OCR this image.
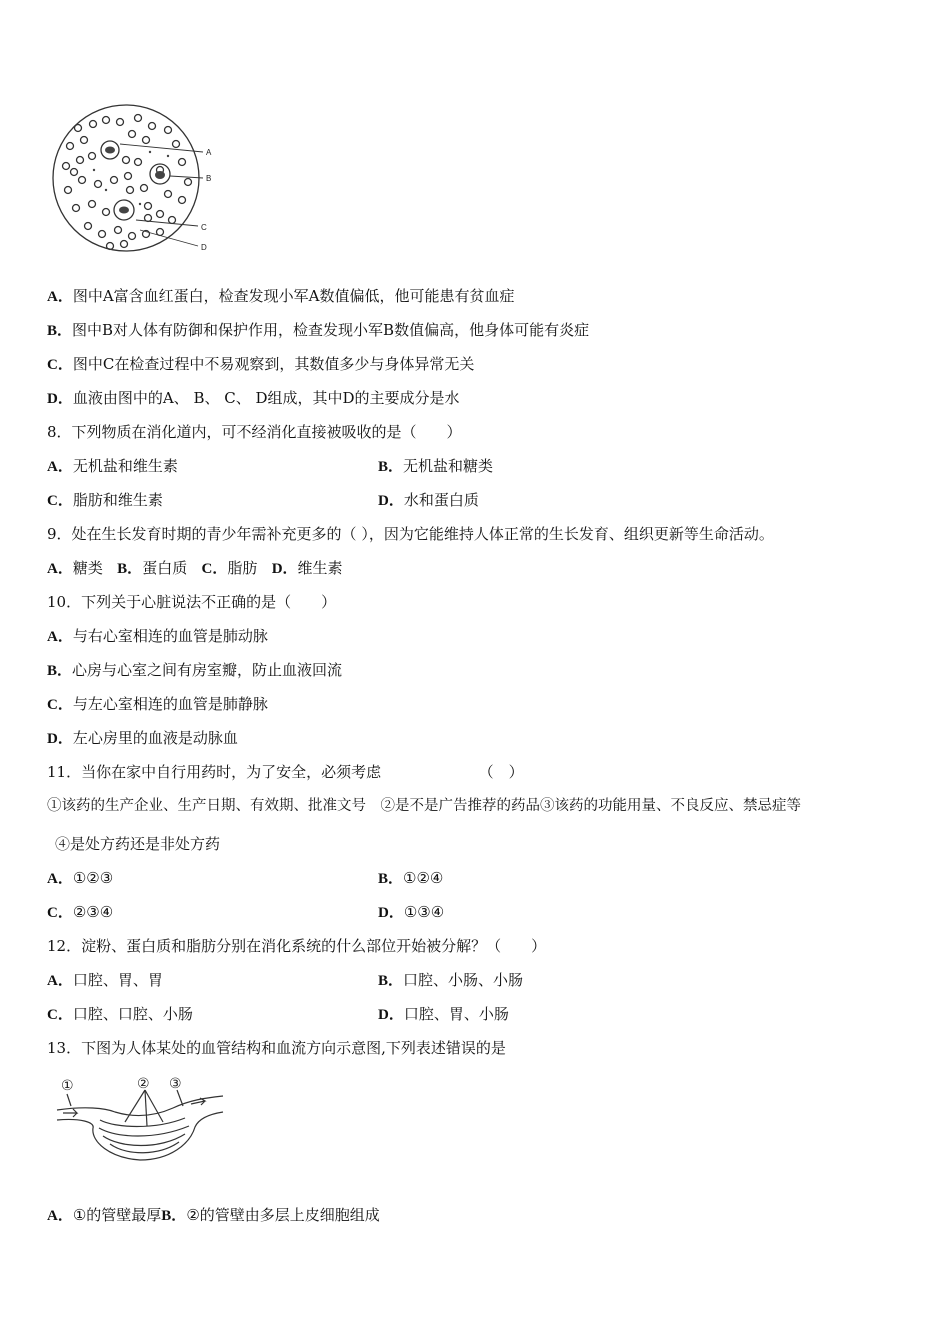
A
B
C
D
A．图中A富含血红蛋白，检查发现小军A数值偏低，他可能患有贫血症
B．图中B对人体有防御和保护作用，检查发现小军B数值偏高，他身体可能有炎症
C．图中C在检查过程中不易观察到，其数值多少与身体异常无关
D．血液由图中的A、 B、 C、 D组成，其中D的主要成分是水
8．下列物质在消化道内，可不经消化直接被吸收的是（　　）
A．无机盐和维生素	B．无机盐和糖类
C．脂肪和维生素	D．水和蛋白质
9．处在生长发育时期的青少年需补充更多的（ ），因为它能维持人体正常的生长发育、组织更新等生命活动。
A．糖类 B．蛋白质 C．脂肪 D．维生素
10．下列关于心脏说法不正确的是（　　）
A．与右心室相连的血管是肺动脉
B．心房与心室之间有房室瓣，防止血液回流
C．与左心室相连的血管是肺静脉
D．左心房里的血液是动脉血
11．当你在家中自行用药时，为了安全，必须考虑　　　　　　　（　）
①该药的生产企业、生产日期、有效期、批准文号　②是不是广告推荐的药品③该药的功能用量、不良反应、禁忌症等
④是处方药还是非处方药
A．①②③	B．①②④
C．②③④	D．①③④
12．淀粉、蛋白质和脂肪分别在消化系统的什么部位开始被分解？（　　）
A．口腔、胃、胃	B．口腔、小肠、小肠
C．口腔、口腔、小肠	D．口腔、胃、小肠
13．下图为人体某处的血管结构和血流方向示意图,下列表述错误的是
①	② ③
A．①的管壁最厚B．②的管壁由多层上皮细胞组成
